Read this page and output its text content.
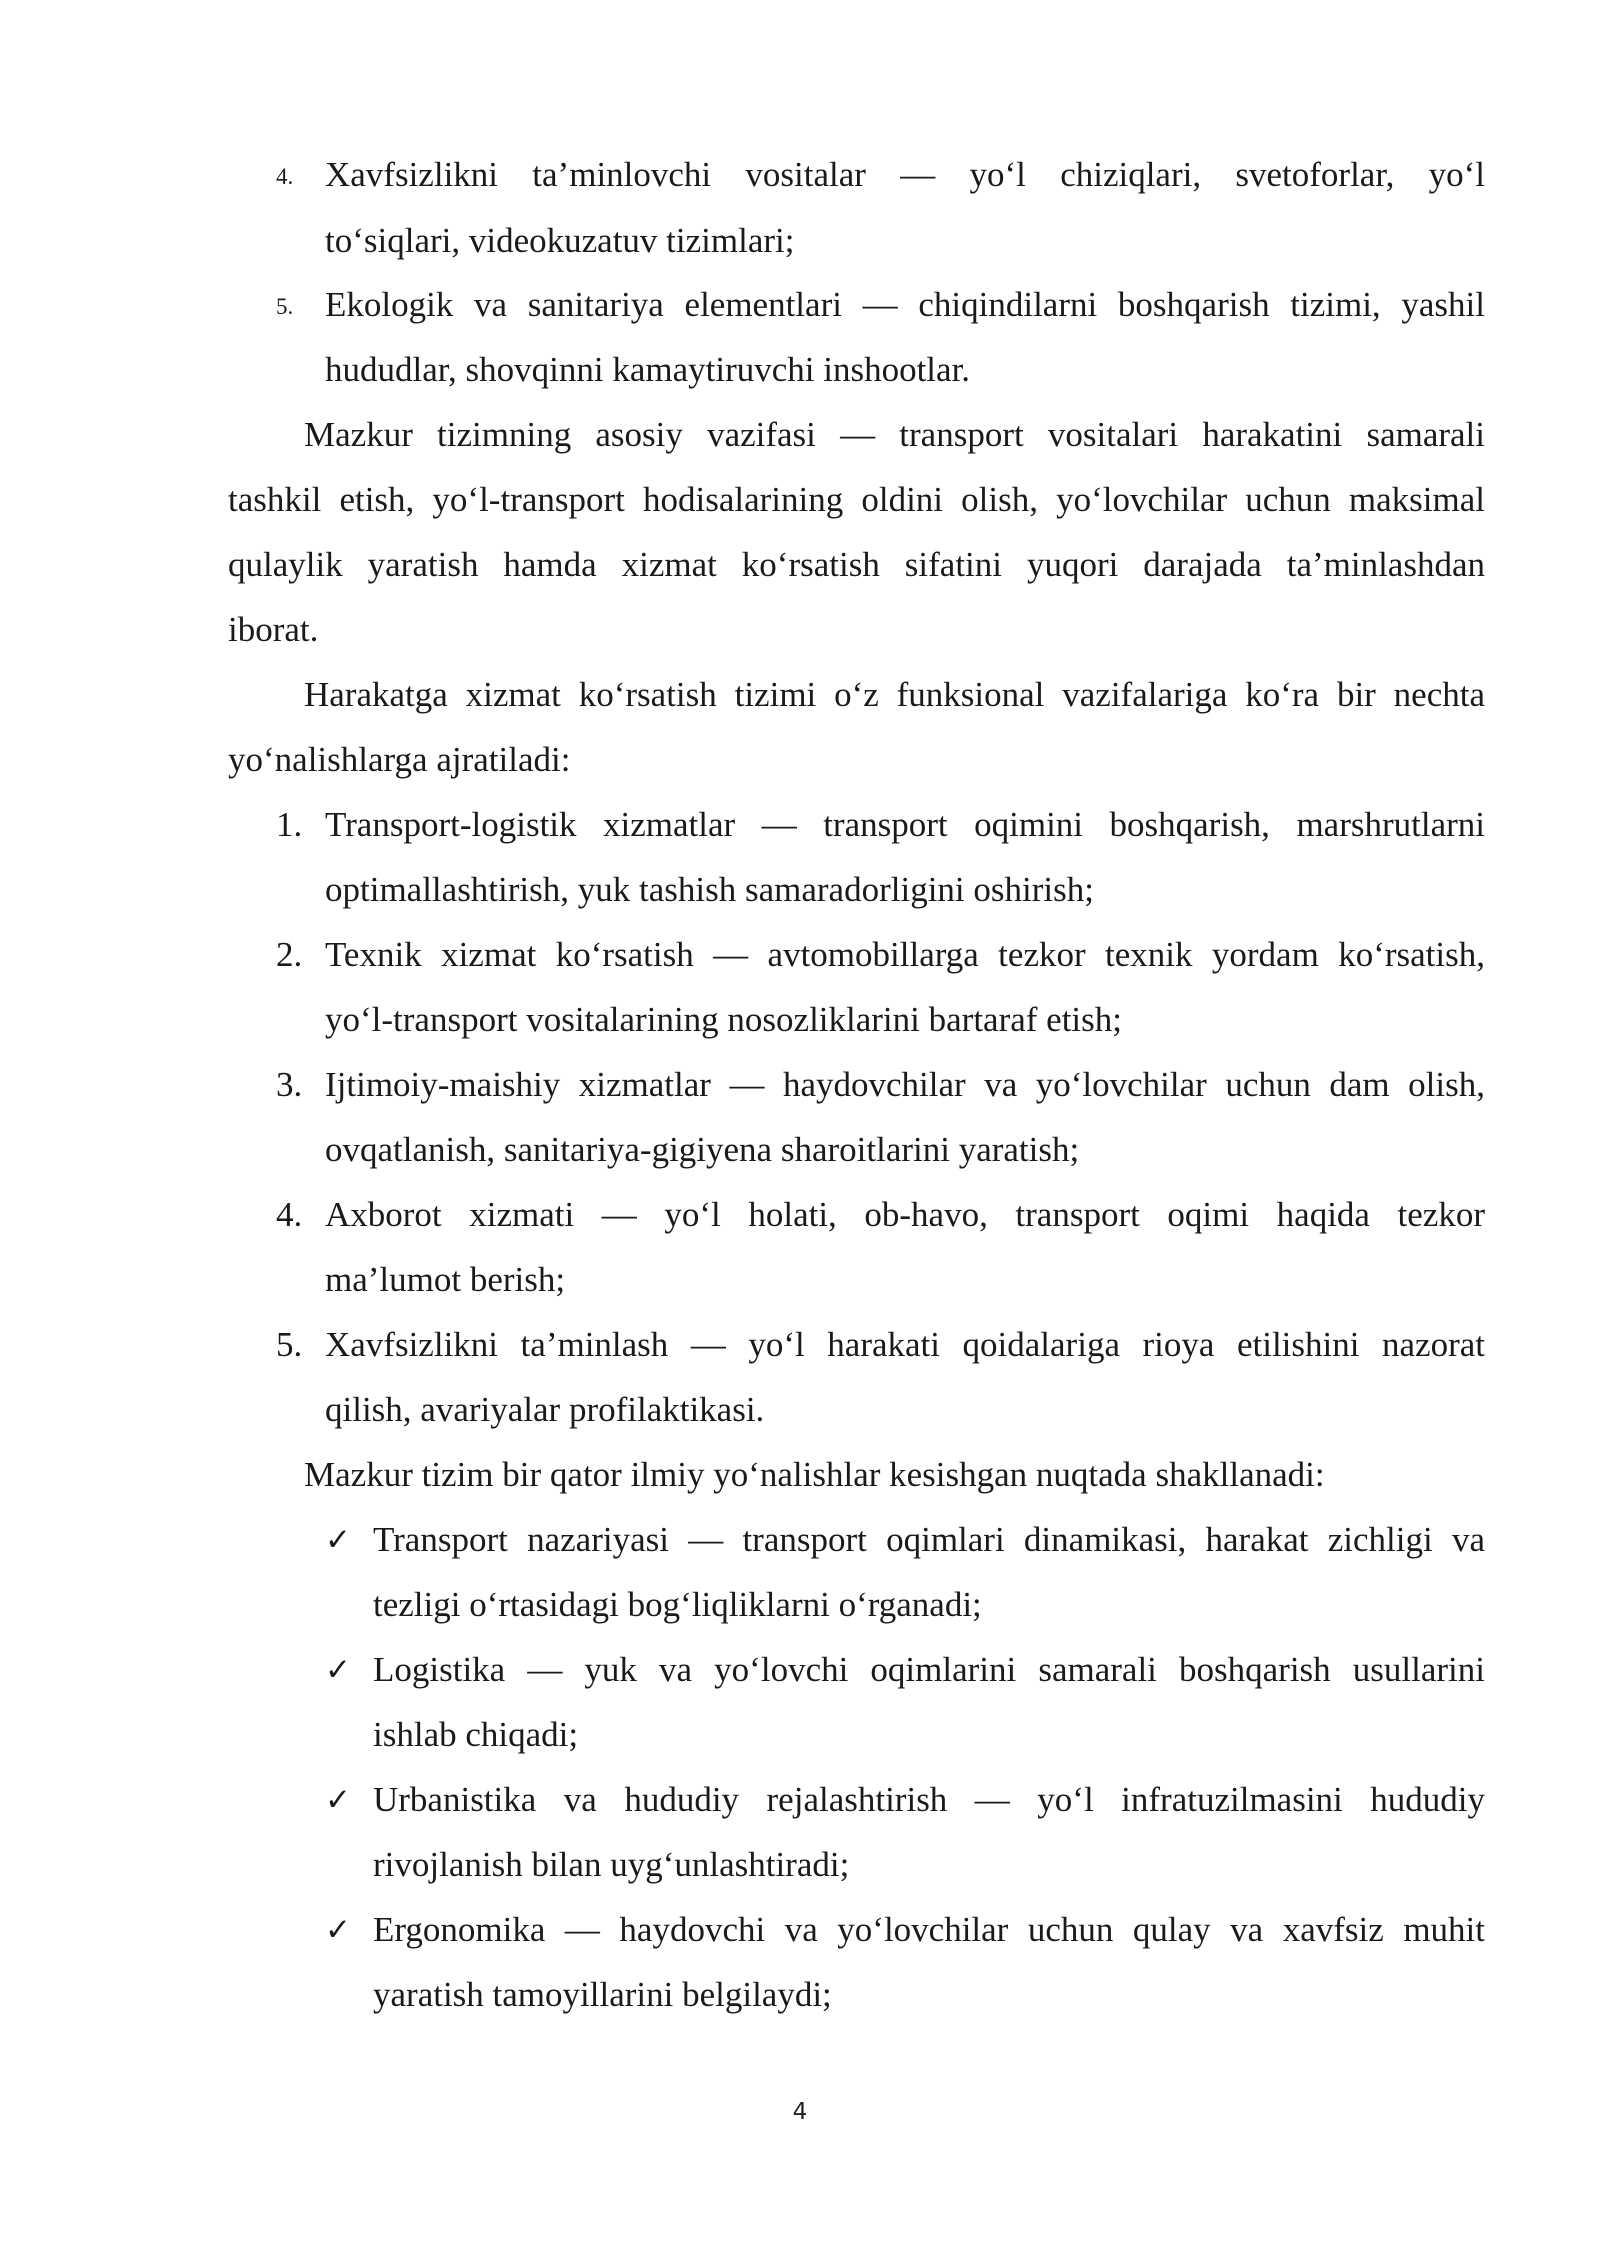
4. Xavfsizlikni ta’minlovchi vositalar — yo‘l chiziqlari, svetoforlar, yo‘l
to‘siqlari, videokuzatuv tizimlari;
5. Ekologik va sanitariya elementlari — chiqindilarni boshqarish tizimi, yashil
hududlar, shovqinni kamaytiruvchi inshootlar.
Mazkur tizimning asosiy vazifasi — transport vositalari harakatini samarali
tashkil etish, yo‘l-transport hodisalarining oldini olish, yo‘lovchilar uchun maksimal
qulaylik yaratish hamda xizmat ko‘rsatish sifatini yuqori darajada ta’minlashdan
iborat.
Harakatga xizmat ko‘rsatish tizimi o‘z funksional vazifalariga ko‘ra bir nechta
yo‘nalishlarga ajratiladi:
1. Transport-logistik xizmatlar — transport oqimini boshqarish, marshrutlarni
optimallashtirish, yuk tashish samaradorligini oshirish;
2. Texnik xizmat ko‘rsatish — avtomobillarga tezkor texnik yordam ko‘rsatish,
yo‘l-transport vositalarining nosozliklarini bartaraf etish;
3. Ijtimoiy-maishiy xizmatlar — haydovchilar va yo‘lovchilar uchun dam olish,
ovqatlanish, sanitariya-gigiyena sharoitlarini yaratish;
4. Axborot xizmati — yo‘l holati, ob-havo, transport oqimi haqida tezkor
ma’lumot berish;
5. Xavfsizlikni ta’minlash — yo‘l harakati qoidalariga rioya etilishini nazorat
qilish, avariyalar profilaktikasi.
Mazkur tizim bir qator ilmiy yo‘nalishlar kesishgan nuqtada shakllanadi:
✓ Transport nazariyasi — transport oqimlari dinamikasi, harakat zichligi va
tezligi o‘rtasidagi bog‘liqliklarni o‘rganadi;
✓ Logistika — yuk va yo‘lovchi oqimlarini samarali boshqarish usullarini
ishlab chiqadi;
✓ Urbanistika va hududiy rejalashtirish — yo‘l infratuzilmasini hududiy
rivojlanish bilan uyg‘unlashtiradi;
✓ Ergonomika — haydovchi va yo‘lovchilar uchun qulay va xavfsiz muhit
yaratish tamoyillarini belgilaydi;
4
